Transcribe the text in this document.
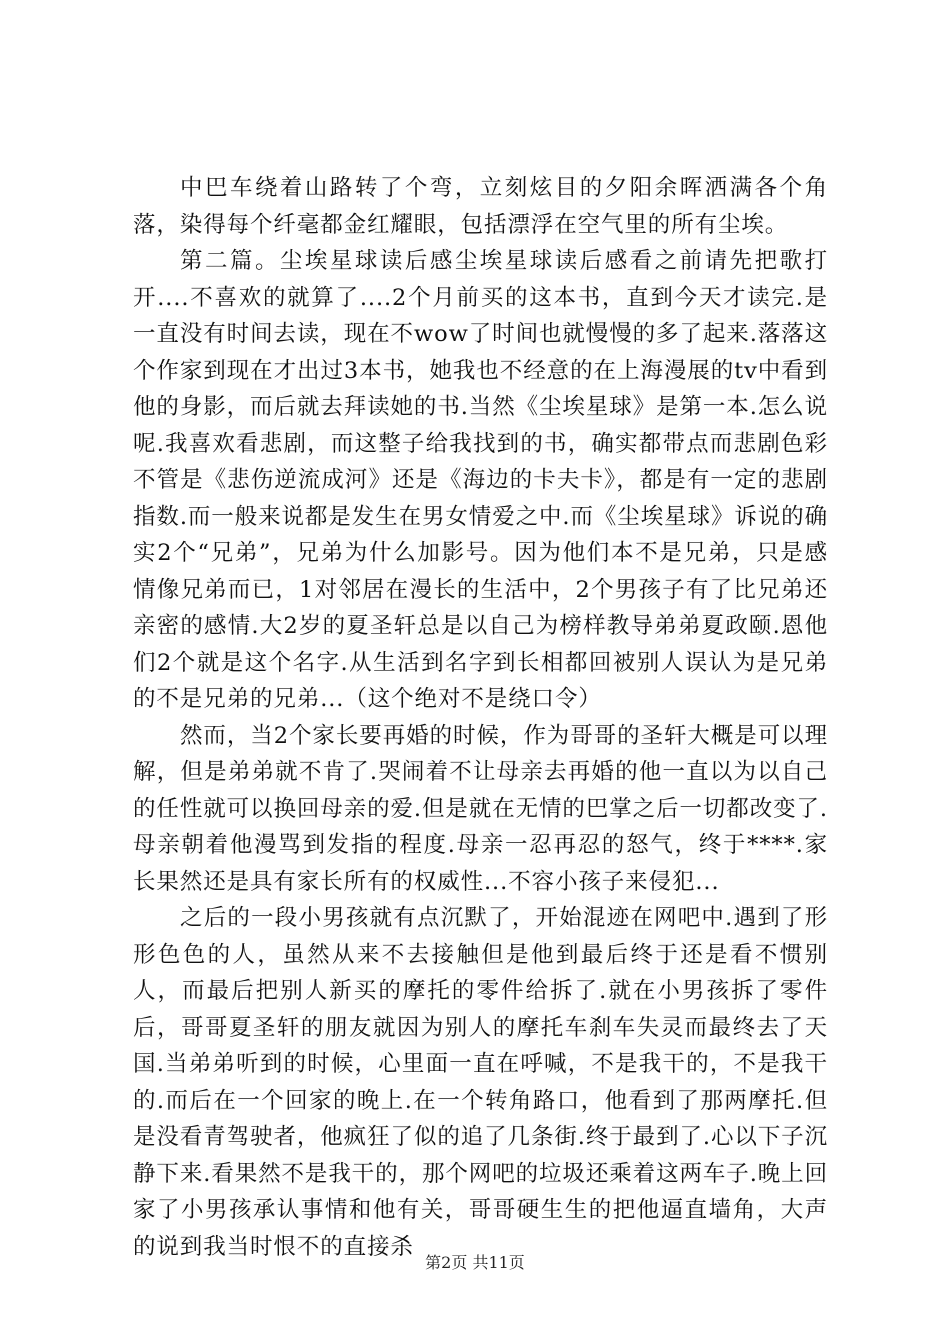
中巴车绕着山路转了个弯，立刻炫目的夕阳余晖洒满各个角落，染得每个纤毫都金红耀眼，包括漂浮在空气里的所有尘埃。

第二篇。尘埃星球读后感尘埃星球读后感看之前请先把歌打开....不喜欢的就算了....2个月前买的这本书，直到今天才读完.是一直没有时间去读，现在不wow了时间也就慢慢的多了起来.落落这个作家到现在才出过3本书，她我也不经意的在上海漫展的tv中看到他的身影，而后就去拜读她的书.当然《尘埃星球》是第一本.怎么说呢.我喜欢看悲剧，而这整子给我找到的书，确实都带点而悲剧色彩不管是《悲伤逆流成河》还是《海边的卡夫卡》，都是有一定的悲剧指数.而一般来说都是发生在男女情爱之中.而《尘埃星球》诉说的确实2个“兄弟”，兄弟为什么加影号。因为他们本不是兄弟，只是感情像兄弟而已，1对邻居在漫长的生活中，2个男孩子有了比兄弟还亲密的感情.大2岁的夏圣轩总是以自己为榜样教导弟弟夏政颐.恩他们2个就是这个名字.从生活到名字到长相都回被别人误认为是兄弟的不是兄弟的兄弟...（这个绝对不是绕口令）

然而，当2个家长要再婚的时候，作为哥哥的圣轩大概是可以理解，但是弟弟就不肯了.哭闹着不让母亲去再婚的他一直以为以自己的任性就可以换回母亲的爱.但是就在无情的巴掌之后一切都改变了.母亲朝着他漫骂到发指的程度.母亲一忍再忍的怒气，终于****.家长果然还是具有家长所有的权威性...不容小孩子来侵犯...

之后的一段小男孩就有点沉默了，开始混迹在网吧中.遇到了形形色色的人，虽然从来不去接触但是他到最后终于还是看不惯别人，而最后把别人新买的摩托的零件给拆了.就在小男孩拆了零件后，哥哥夏圣轩的朋友就因为别人的摩托车刹车失灵而最终去了天国.当弟弟听到的时候，心里面一直在呼喊，不是我干的，不是我干的.而后在一个回家的晚上.在一个转角路口，他看到了那两摩托.但是没看青驾驶者，他疯狂了似的追了几条街.终于最到了.心以下子沉静下来.看果然不是我干的，那个网吧的垃圾还乘着这两车子.晚上回家了小男孩承认事情和他有关，哥哥硬生生的把他逼直墙角，大声的说到我当时恨不的直接杀

第2页 共11页
